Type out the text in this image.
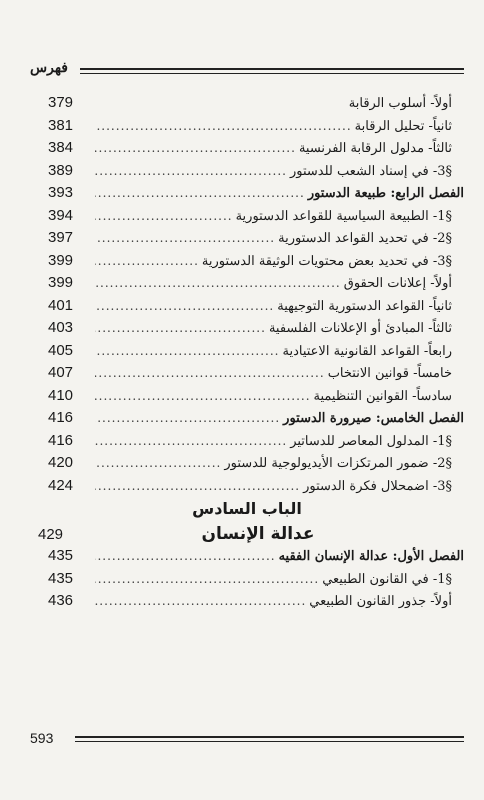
فهرس
379	أولاً- أسلوب الرقابة
381 .....	ثانياً- تحليل الرقابة
384 .....	ثالثاً- مدلول الرقابة الفرنسية
389 .....	§3- في إسناد الشعب للدستور
393 .....	الفصل الرابع: طبيعة الدستور
394 .....	§1- الطبيعة السياسية للقواعد الدستورية
397 .....	§2- في تحديد القواعد الدستورية
399 .....	§3- في تحديد بعض محتويات الوثيقة الدستورية
399 .....	أولاً- إعلانات الحقوق
401 .....	ثانياً- القواعد الدستورية التوجيهية
403 .....	ثالثاً- المبادئ أو الإعلانات الفلسفية
405 .....	رابعاً- القواعد القانونية الاعتيادية
407 .....	خامساً- قوانين الانتخاب
410 .....	سادساً- القوانين التنظيمية
416 .....	الفصل الخامس: صيرورة الدستور
416 .....	§1- المدلول المعاصر للدساتير
420 .....	§2- ضمور المرتكزات الأيديولوجية للدستور
424 .....	§3- اضمحلال فكرة الدستور
الباب السادس
429	عدالة الإنسان
435 .....	الفصل الأول: عدالة الإنسان الفقيه
435 .....	§1- في القانون الطبيعي
436 .....	أولاً- جذور القانون الطبيعي
593
